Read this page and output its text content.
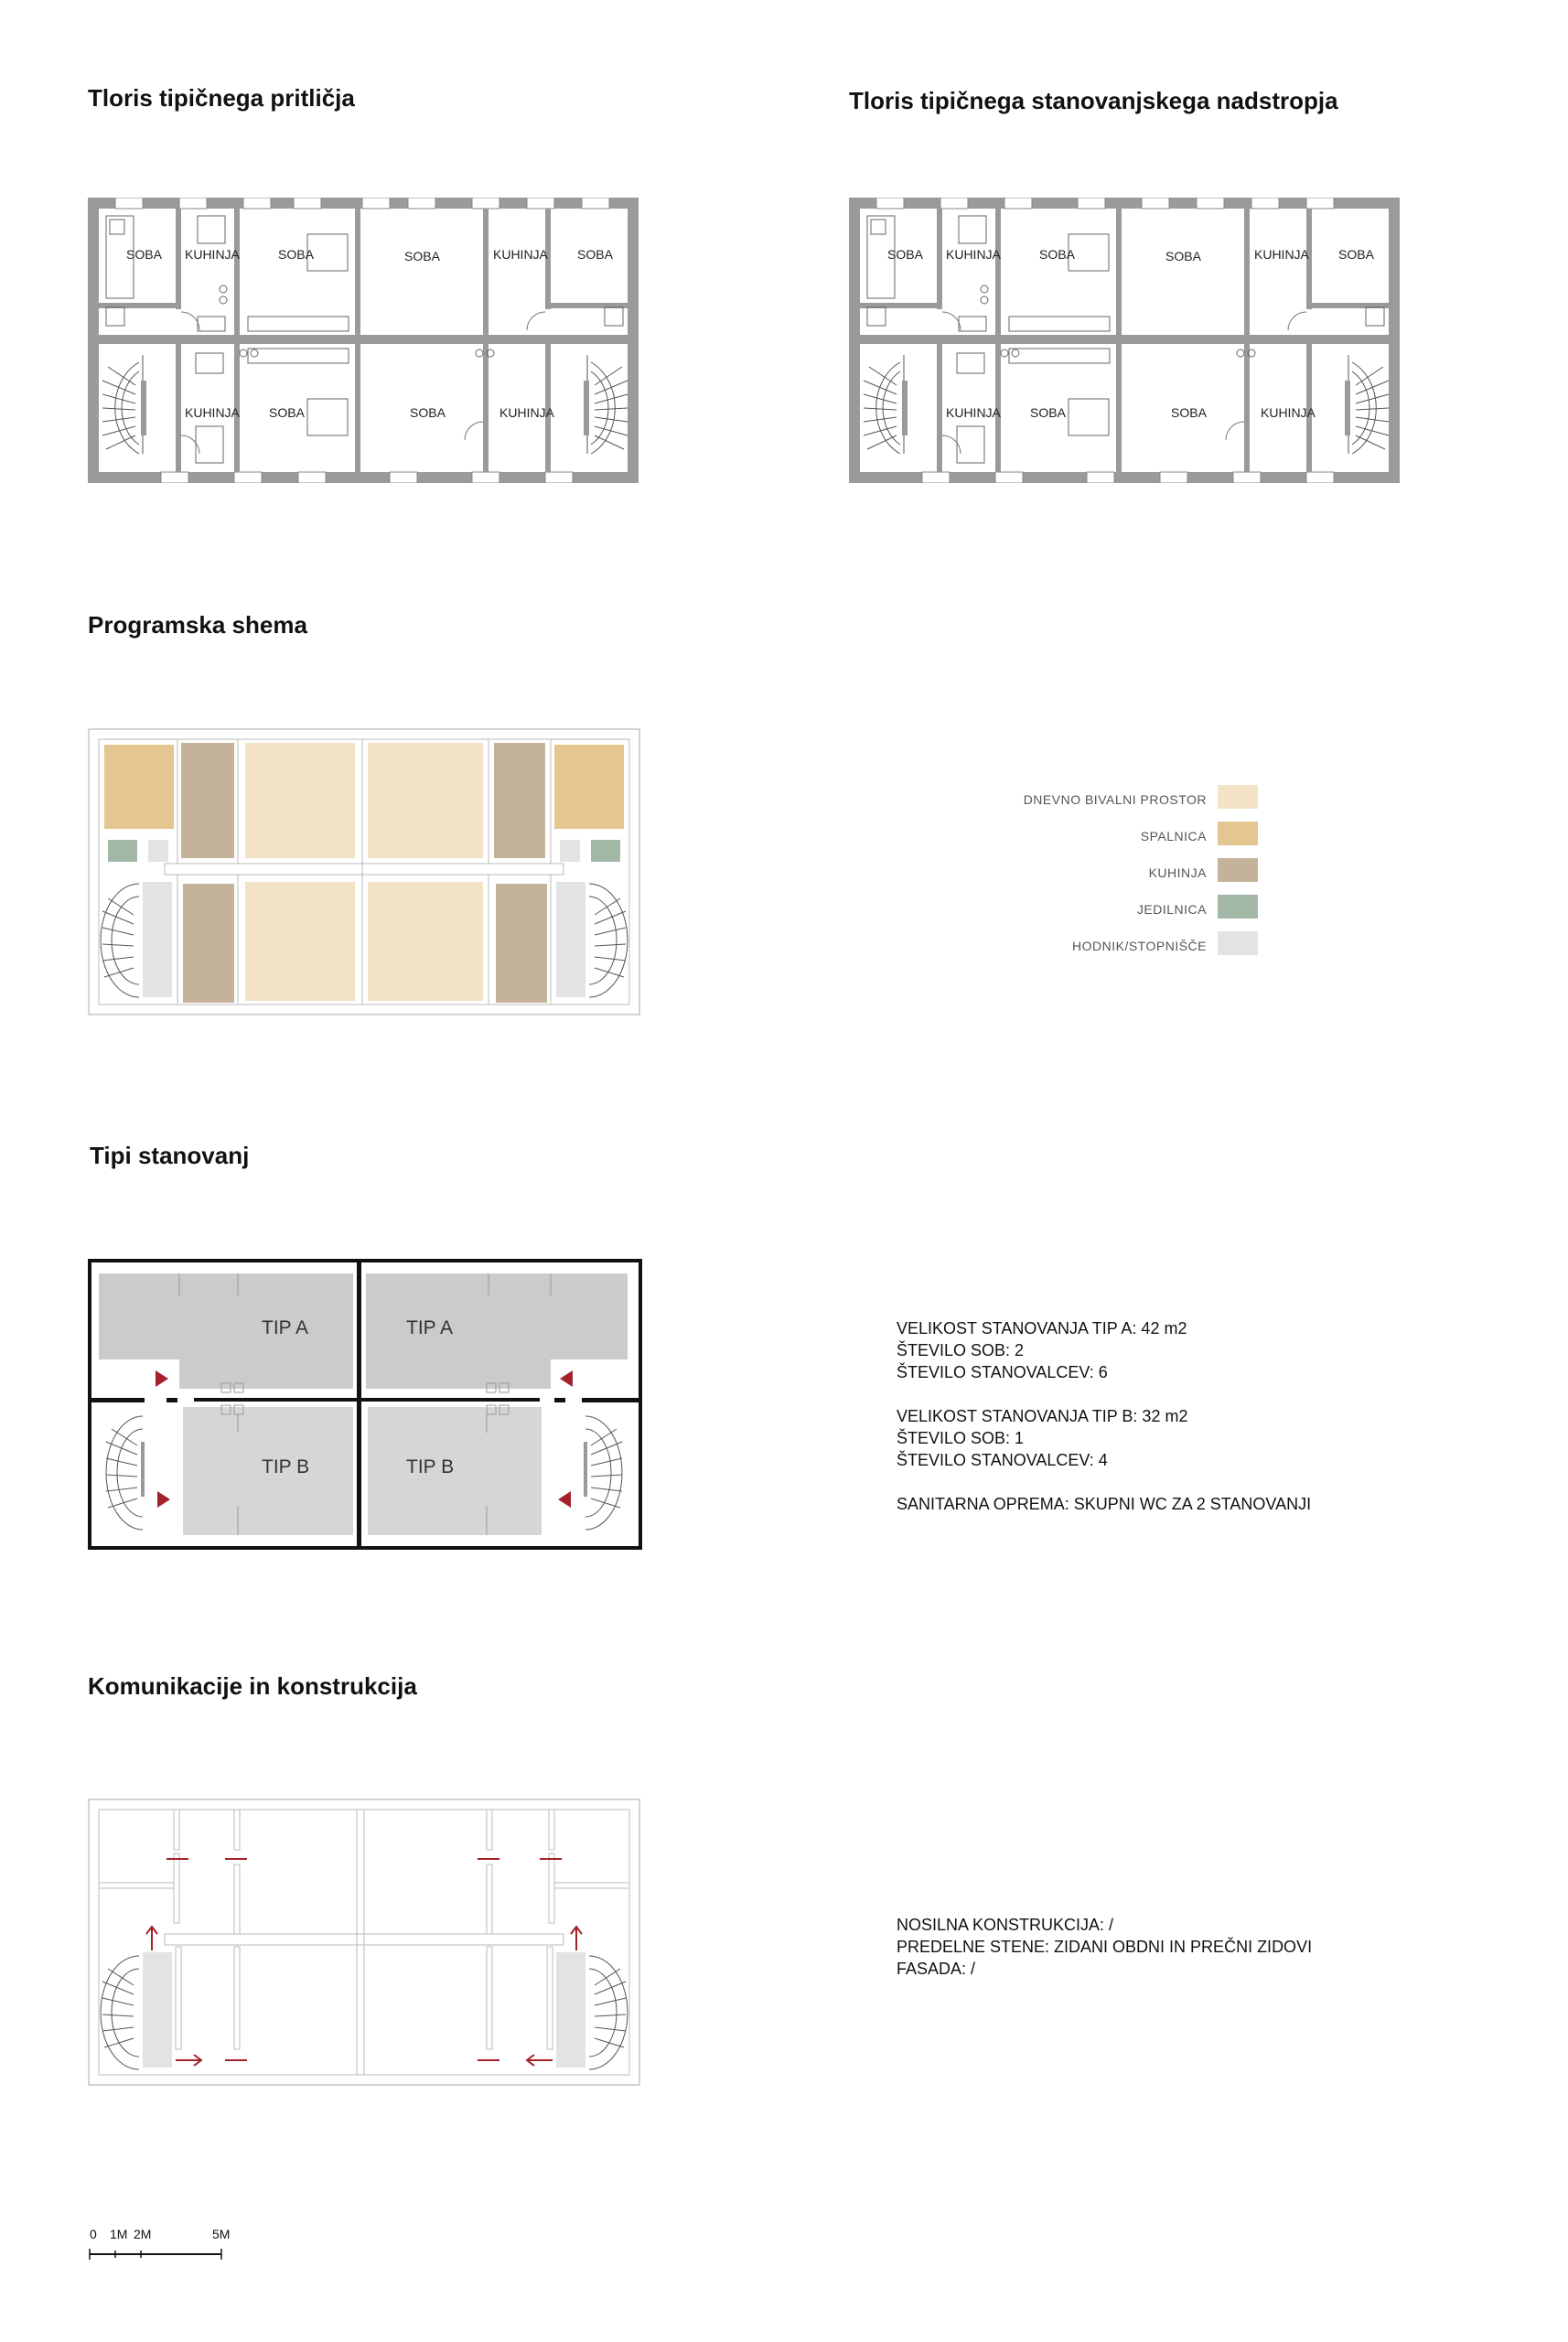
Tloris tipičnega pritličja	Tloris tipičnega stanovanjskega nadstropja
Programska shema
Tipi stanovanj
Komunikacije in konstrukcija
SOBA KUHINJA	SOBA	SOBA	KUHINJA SOBA
KUHINJA SOBA	SOBA	KUHINJA
SOBA KUHINJA	SOBA	SOBA	KUHINJA SOBA
KUHINJA SOBA	SOBA	KUHINJA
DNEVNO BIVALNI PROSTOR
SPALNICA
KUHINJA
JEDILNICA
HODNIK/STOPNIŠČE
TIP A	TIP A
TIP B	TIP B
VELIKOST STANOVANJA TIP A: 42 m2
ŠTEVILO SOB: 2
ŠTEVILO STANOVALCEV: 6
VELIKOST STANOVANJA TIP B: 32 m2
ŠTEVILO SOB: 1
ŠTEVILO STANOVALCEV: 4
SANITARNA OPREMA: SKUPNI WC ZA 2 STANOVANJI
NOSILNA KONSTRUKCIJA: /
PREDELNE STENE: ZIDANI OBDNI IN PREČNI ZIDOVI
FASADA: /
0 1M 2M	5M
